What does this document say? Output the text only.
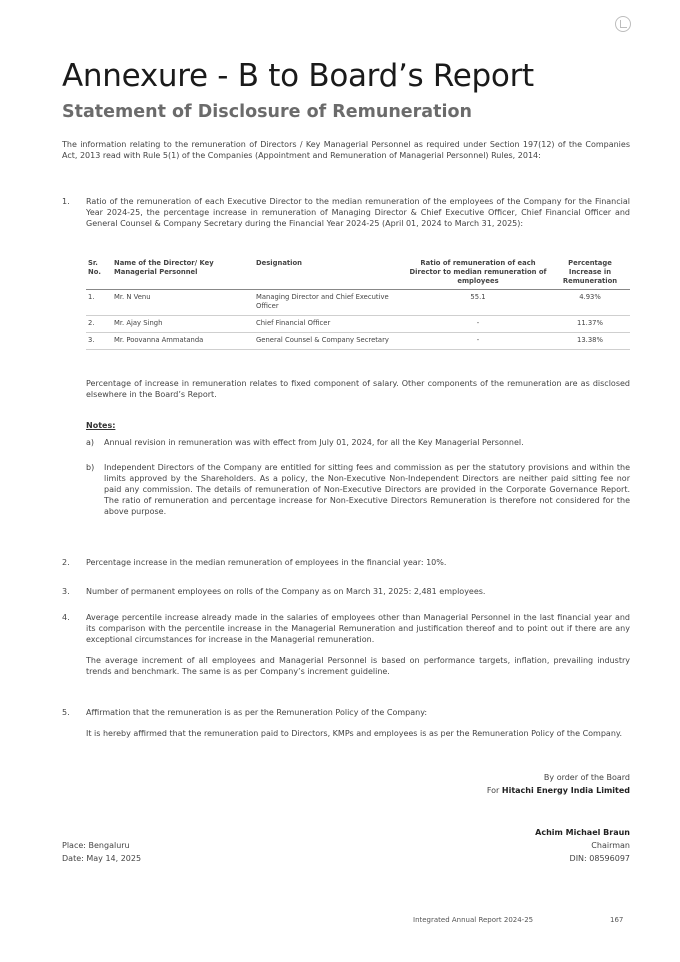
Annexure - B to Board’s Report
Statement of Disclosure of Remuneration
The information relating to the remuneration of Directors / Key Managerial Personnel as required under Section 197(12) of the Companies Act, 2013 read with Rule 5(1) of the Companies (Appointment and Remuneration of Managerial Personnel) Rules, 2014:
1. Ratio of the remuneration of each Executive Director to the median remuneration of the employees of the Company for the Financial Year 2024-25, the percentage increase in remuneration of Managing Director & Chief Executive Officer, Chief Financial Officer and General Counsel & Company Secretary during the Financial Year 2024-25 (April 01, 2024 to March 31, 2025):
Sr. No.	Name of the Director/ Key Managerial Personnel	Designation	Ratio of remuneration of each Director to median remuneration of employees	Percentage Increase in Remuneration
1.	Mr. N Venu	Managing Director and Chief Executive Officer	55.1	4.93%
2.	Mr. Ajay Singh	Chief Financial Officer	-	11.37%
3.	Mr. Poovanna Ammatanda	General Counsel & Company Secretary	-	13.38%
Percentage of increase in remuneration relates to fixed component of salary. Other components of the remuneration are as disclosed elsewhere in the Board’s Report.
Notes:
a) Annual revision in remuneration was with effect from July 01, 2024, for all the Key Managerial Personnel.
b) Independent Directors of the Company are entitled for sitting fees and commission as per the statutory provisions and within the limits approved by the Shareholders. As a policy, the Non-Executive Non-Independent Directors are neither paid sitting fee nor paid any commission. The details of remuneration of Non-Executive Directors are provided in the Corporate Governance Report. The ratio of remuneration and percentage increase for Non-Executive Directors Remuneration is therefore not considered for the above purpose.
2. Percentage increase in the median remuneration of employees in the financial year: 10%.
3. Number of permanent employees on rolls of the Company as on March 31, 2025: 2,481 employees.
4. Average percentile increase already made in the salaries of employees other than Managerial Personnel in the last financial year and its comparison with the percentile increase in the Managerial Remuneration and justification thereof and to point out if there are any exceptional circumstances for increase in the Managerial remuneration.
The average increment of all employees and Managerial Personnel is based on performance targets, inflation, prevailing industry trends and benchmark. The same is as per Company’s increment guideline.
5. Affirmation that the remuneration is as per the Remuneration Policy of the Company:
It is hereby affirmed that the remuneration paid to Directors, KMPs and employees is as per the Remuneration Policy of the Company.
By order of the Board
For Hitachi Energy India Limited
Achim Michael Braun
Chairman
DIN: 08596097
Place: Bengaluru
Date: May 14, 2025
Integrated Annual Report 2024-25	167
